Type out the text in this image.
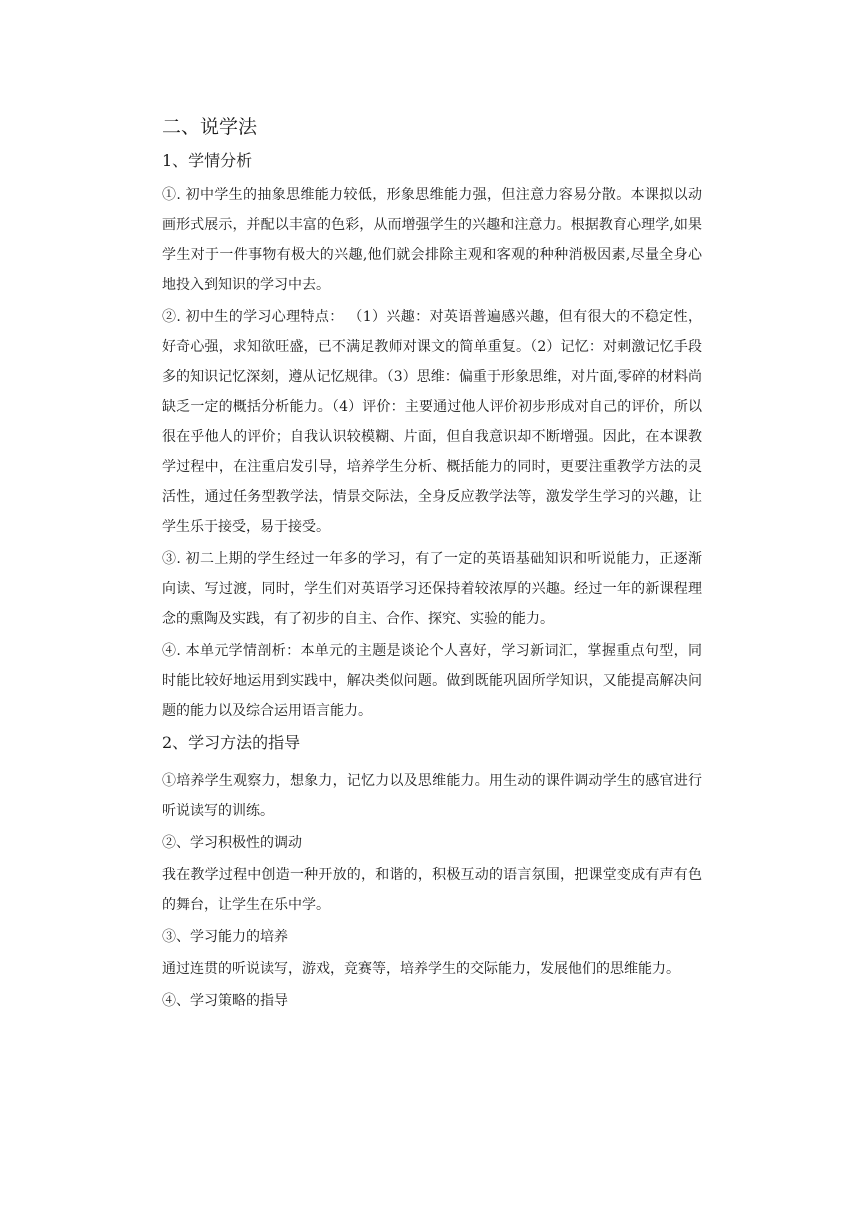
二、说学法
1、学情分析

①. 初中学生的抽象思维能力较低，形象思维能力强，但注意力容易分散。本课拟以动画形式展示，并配以丰富的色彩，从而增强学生的兴趣和注意力。根据教育心理学,如果学生对于一件事物有极大的兴趣,他们就会排除主观和客观的种种消极因素,尽量全身心地投入到知识的学习中去。

②. 初中生的学习心理特点： （1）兴趣：对英语普遍感兴趣，但有很大的不稳定性，好奇心强，求知欲旺盛，已不满足教师对课文的简单重复。（2）记忆：对刺激记忆手段多的知识记忆深刻，遵从记忆规律。（3）思维：偏重于形象思维，对片面,零碎的材料尚缺乏一定的概括分析能力。（4）评价：主要通过他人评价初步形成对自己的评价，所以很在乎他人的评价；自我认识较模糊、片面，但自我意识却不断增强。因此，在本课教学过程中，在注重启发引导，培养学生分析、概括能力的同时，更要注重教学方法的灵活性，通过任务型教学法，情景交际法，全身反应教学法等，激发学生学习的兴趣，让学生乐于接受，易于接受。

③. 初二上期的学生经过一年多的学习，有了一定的英语基础知识和听说能力，正逐渐向读、写过渡，同时，学生们对英语学习还保持着较浓厚的兴趣。经过一年的新课程理念的熏陶及实践，有了初步的自主、合作、探究、实验的能力。

④. 本单元学情剖析：本单元的主题是谈论个人喜好，学习新词汇，掌握重点句型，同时能比较好地运用到实践中，解决类似问题。做到既能巩固所学知识，又能提高解决问题的能力以及综合运用语言能力。

2、学习方法的指导

①培养学生观察力，想象力，记忆力以及思维能力。用生动的课件调动学生的感官进行听说读写的训练。

②、学习积极性的调动

我在教学过程中创造一种开放的，和谐的，积极互动的语言氛围，把课堂变成有声有色的舞台，让学生在乐中学。

③、学习能力的培养

通过连贯的听说读写，游戏，竞赛等，培养学生的交际能力，发展他们的思维能力。

④、学习策略的指导
